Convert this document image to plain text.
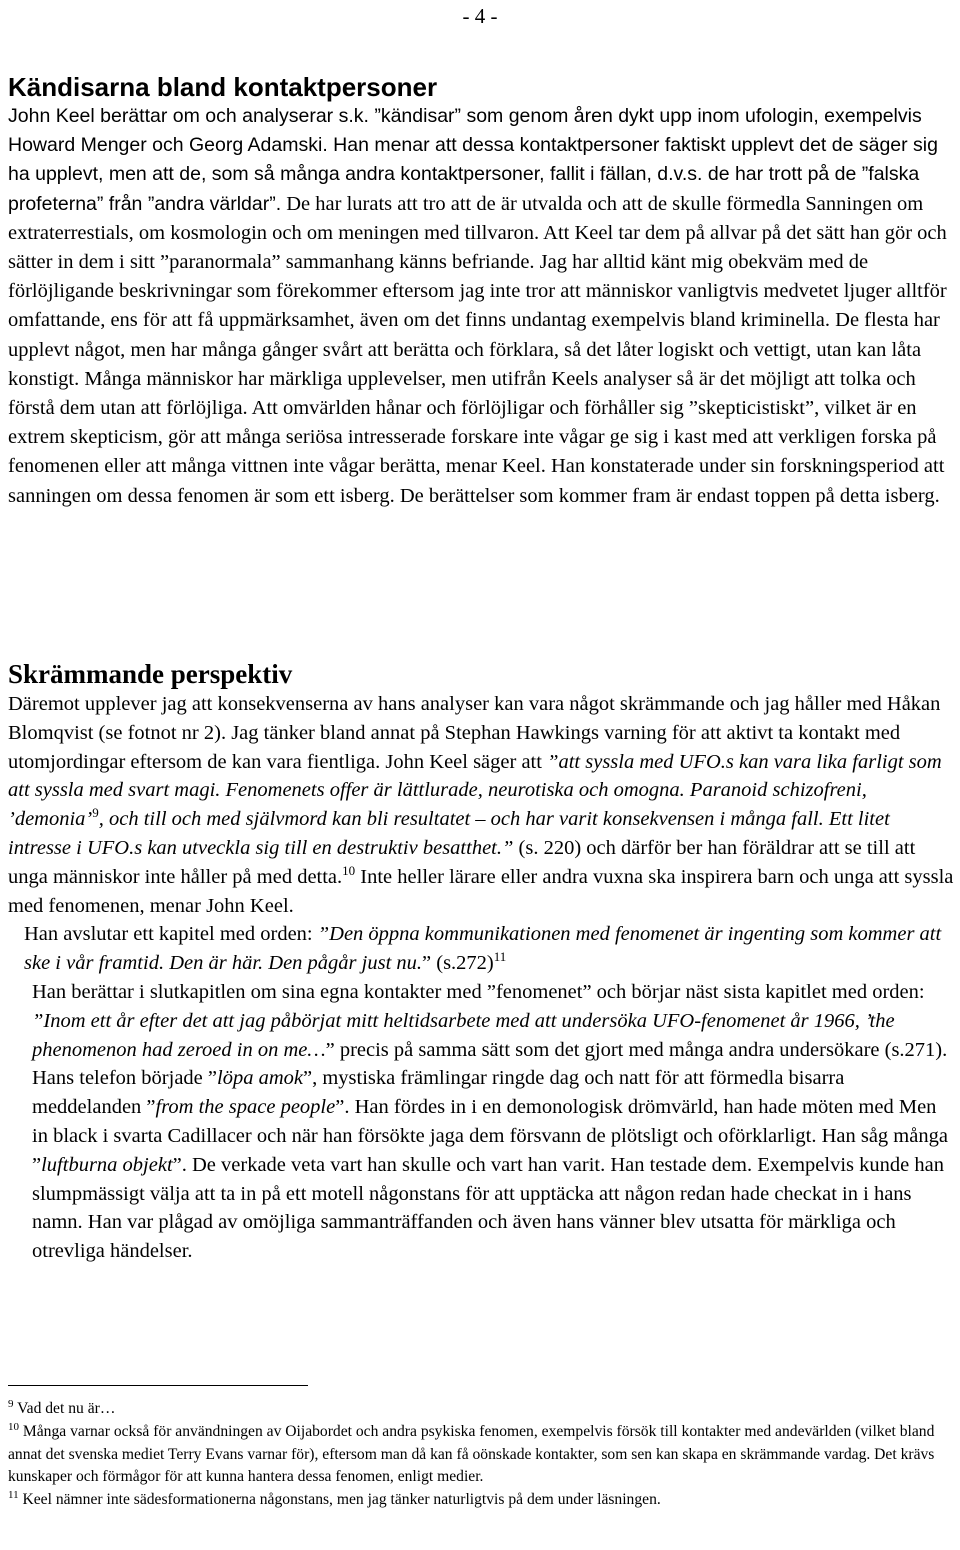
- 4 -
Kändisarna bland kontaktpersoner

John Keel berättar om och analyserar s.k. ”kändisar” som genom åren dykt upp inom ufologin, exempelvis Howard Menger och Georg Adamski. Han menar att dessa kontaktpersoner faktiskt upplevt det de säger sig ha upplevt, men att de, som så många andra kontaktpersoner, fallit i fällan, d.v.s. de har trott på de ”falska profeterna” från ”andra världar”. De har lurats att tro att de är utvalda och att de skulle förmedla Sanningen om extraterrestials, om kosmologin och om meningen med tillvaron. Att Keel tar dem på allvar på det sätt han gör och sätter in dem i sitt ”paranormala” sammanhang känns befriande. Jag har alltid känt mig obekväm med de förlöjligande beskrivningar som förekommer eftersom jag inte tror att människor vanligtvis medvetet ljuger alltför omfattande, ens för att få uppmärksamhet, även om det finns undantag exempelvis bland kriminella. De flesta har upplevt något, men har många gånger svårt att berätta och förklara, så det låter logiskt och vettigt, utan kan låta konstigt. Många människor har märkliga upplevelser, men utifrån Keels analyser så är det möjligt att tolka och förstå dem utan att förlöjliga. Att omvärlden hånar och förlöjligar och förhåller sig ”skepticistiskt”, vilket är en extrem skepticism, gör att många seriösa intresserade forskare inte vågar ge sig i kast med att verkligen forska på fenomenen eller att många vittnen inte vågar berätta, menar Keel. Han konstaterade under sin forskningsperiod att sanningen om dessa fenomen är som ett isberg. De berättelser som kommer fram är endast toppen på detta isberg.

Skrämmande perspektiv

Däremot upplever jag att konsekvenserna av hans analyser kan vara något skrämmande och jag håller med Håkan Blomqvist (se fotnot nr 2). Jag tänker bland annat på Stephan Hawkings varning för att aktivt ta kontakt med utomjordingar eftersom de kan vara fientliga. John Keel säger att ”att syssla med UFO.s kan vara lika farligt som att syssla med svart magi. Fenomenets offer är lättlurade, neurotiska och omogna. Paranoid schizofreni, ’demonia’$^9$, och till och med självmord kan bli resultatet – och har varit konsekvensen i många fall. Ett litet intresse i UFO.s kan utveckla sig till en destruktiv besatthet.” (s. 220) och därför ber han föräldrar att se till att unga människor inte håller på med detta.$^{10}$ Inte heller lärare eller andra vuxna ska inspirera barn och unga att syssla med fenomenen, menar John Keel.

Han avslutar ett kapitel med orden: ”Den öppna kommunikationen med fenomenet är ingenting som kommer att ske i vår framtid. Den är här. Den pågår just nu.” $(s.272)^{11}$

Han berättar i slutkapitlen om sina egna kontakter med ”fenomenet” och börjar näst sista kapitlet med orden: ”Inom ett år efter det att jag påbörjat mitt heltidsarbete med att undersöka UFO-fenomenet år 1966, ’the phenomenon had zeroed in on me…” precis på samma sätt som det gjort med många andra undersökare (s.271). Hans telefon började ”löpa amok”, mystiska främlingar ringde dag och natt för att förmedla bisarra meddelanden ”from the space people”. Han fördes in i en demonologisk drömvärld, han hade möten med Men in black i svarta Cadillacer och när han försökte jaga dem försvann de plötsligt och oförklarligt. Han såg många ”luftburna objekt”. De verkade veta vart han skulle och vart han varit. Han testade dem. Exempelvis kunde han slumpmässigt välja att ta in på ett motell någonstans för att upptäcka att någon redan hade checkat in i hans namn. Han var plågad av omöjliga sammanträffanden och även hans vänner blev utsatta för märkliga och otrevliga händelser.

$^9$ Vad det nu är…

$^{10}$ Många varnar också för användningen av Oijabordet och andra psykiska fenomen, exempelvis försök till kontakter med andevärlden (vilket bland annat det svenska mediet Terry Evans varnar för), eftersom man då kan få oönskade kontakter, som sen kan skapa en skrämmande vardag. Det krävs kunskaper och förmågor för att kunna hantera dessa fenomen, enligt medier.

$^{11}$ Keel nämner inte sädesformationerna någonstans, men jag tänker naturligtvis på dem under läsningen.
